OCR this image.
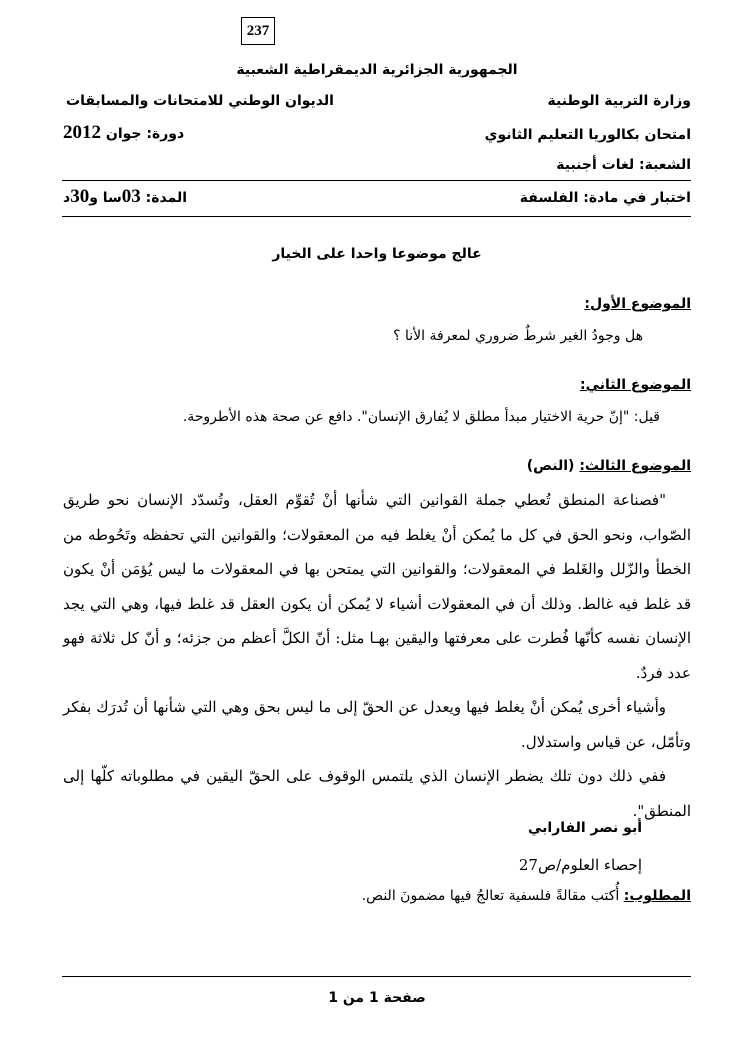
237
الجمهورية الجزائرية الديمقراطية الشعبية
وزارة التربية الوطنية
الديوان الوطني للامتحانات والمسابقات
امتحان بكالوريا التعليم الثانوي
دورة: جوان 2012
الشعبة: لغات أجنبية
اختبار في مادة: الفلسفة
المدة: 03سا و30د
عالج موضوعا واحدا على الخيار
الموضوع الأول:
هل وجودُ الغير شرطٌ ضروري لمعرفة الأنا ؟
الموضوع الثاني:
قيل: "إنّ حرية الاختيار مبدأ مطلق لا يُفارق الإنسان". دافع عن صحة هذه الأطروحة.
الموضوع الثالث: (النص)

"فصناعة المنطق تُعطي جملة القوانين التي شأنها أنْ تُقوِّم العقل، وتُسدّد الإنسان نحو طريق الصّواب، ونحو الحق في كل ما يُمكن أنْ يغلط فيه من المعقولات؛ والقوانين التي تحفظه وتَحُوطه من الخطأ والزّلل والغَلط في المعقولات؛ والقوانين التي يمتحن بها في المعقولات ما ليس يُؤمَن أنْ يكون قد غلط فيه غالط. وذلك أن في المعقولات أشياء لا يُمكن أن يكون العقل قد غلط فيها، وهي التي يجد الإنسان نفسه كأنّها فُطرت على معرفتها واليقين بهـا مثل: أنّ الكلَّ أعظم من جزئه؛ و أنّ كل ثلاثة فهو عدد فردٌ.

وأشياء أخرى يُمكن أنْ يغلط فيها ويعدل عن الحقّ إلى ما ليس بحق وهي التي شأنها أن تُدرَك بفكر وتأمّل، عن قياس واستدلال.

ففي ذلك دون تلك يضطر الإنسان الذي يلتمس الوقوف على الحقّ اليقين في مطلوباته كلّها إلى المنطق".

أبو نصر الفارابي
إحصاء العلوم/ص27
المطلوب: أُكتب مقالةً فلسفية تعالجُ فيها مضمونَ النص.
صفحة 1 من 1
